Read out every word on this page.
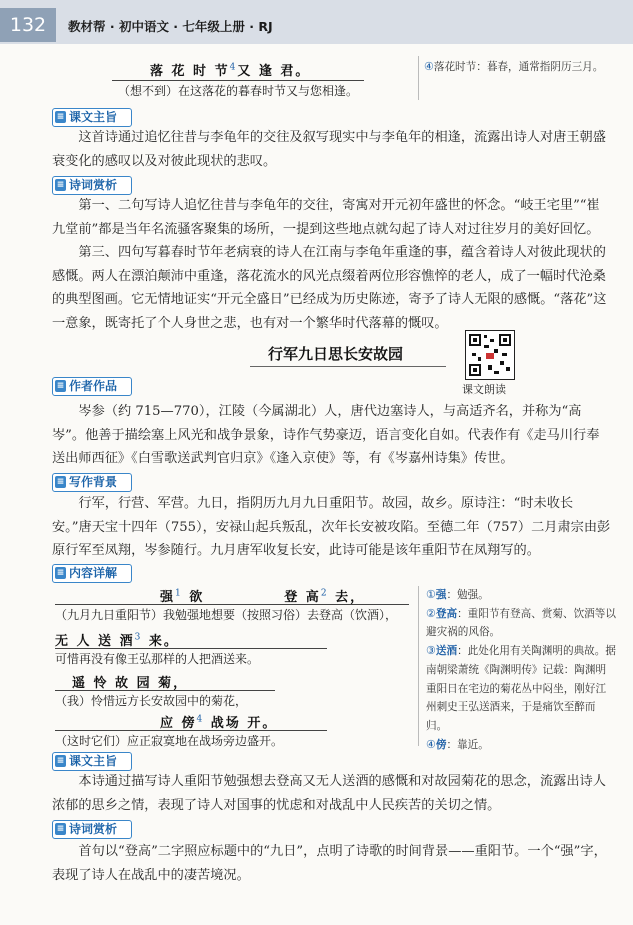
132	教材帮 · 初中语文 · 七年级上册 · RJ
落 花 时 节$^4$又 逢 君。
（想不到）在这落花的暮春时节又与您相逢。
④落花时节：暮春，通常指阴历三月。
≡ 课文主旨
这首诗通过追忆往昔与李龟年的交往及叙写现实中与李龟年的相逢，流露出诗人对唐王朝盛衰变化的感叹以及对彼此现状的悲叹。
≡ 诗词赏析
第一、二句写诗人追忆往昔与李龟年的交往，寄寓对开元初年盛世的怀念。“岐王宅里”“崔九堂前”都是当年名流骚客聚集的场所，一提到这些地点就勾起了诗人对过往岁月的美好回忆。
第三、四句写暮春时节年老病衰的诗人在江南与李龟年重逢的事，蕴含着诗人对彼此现状的感慨。两人在漂泊颠沛中重逢，落花流水的风光点缀着两位形容憔悴的老人，成了一幅时代沧桑的典型图画。它无情地证实“开元全盛日”已经成为历史陈迹，寄予了诗人无限的感慨。“落花”这一意象，既寄托了个人身世之悲，也有对一个繁华时代落幕的慨叹。
行军九日思长安故园
课文朗读
≡ 作者作品
岑参（约 715—770），江陵（今属湖北）人，唐代边塞诗人，与高适齐名，并称为“高岑”。他善于描绘塞上风光和战争景象，诗作气势豪迈，语言变化自如。代表作有《走马川行奉送出师西征》《白雪歌送武判官归京》《逢入京使》等，有《岑嘉州诗集》传世。
≡ 写作背景
行军，行营、军营。九日，指阴历九月九日重阳节。故园，故乡。原诗注：“时未收长安。”唐天宝十四年（755），安禄山起兵叛乱，次年长安被攻陷。至德二年（757）二月肃宗由彭原行军至凤翔，岑参随行。九月唐军收复长安，此诗可能是该年重阳节在凤翔写的。
≡ 内容详解
强$^1$ 欲	登 高$^2$ 去，
（九月九日重阳节）我勉强地想要（按照习俗）去登高（饮酒），
无 人 送 酒$^3$ 来。
可惜再没有像王弘那样的人把酒送来。
遥 怜 故 园 菊，
（我）怜惜远方长安故园中的菊花，
应 傍$^4$ 战场 开。
（这时它们）应正寂寞地在战场旁边盛开。
①强：勉强。
②登高：重阳节有登高、赏菊、饮酒等以避灾祸的风俗。
③送酒：此处化用有关陶渊明的典故。据南朝梁萧统《陶渊明传》记载：陶渊明重阳日在宅边的菊花丛中闷坐，刚好江州刺史王弘送酒来，于是痛饮至醉而归。
④傍：靠近。
≡ 课文主旨
本诗通过描写诗人重阳节勉强想去登高又无人送酒的感慨和对故园菊花的思念，流露出诗人浓郁的思乡之情，表现了诗人对国事的忧虑和对战乱中人民疾苦的关切之情。
≡ 诗词赏析
首句以“登高”二字照应标题中的“九日”，点明了诗歌的时间背景——重阳节。一个“强”字，表现了诗人在战乱中的凄苦境况。
